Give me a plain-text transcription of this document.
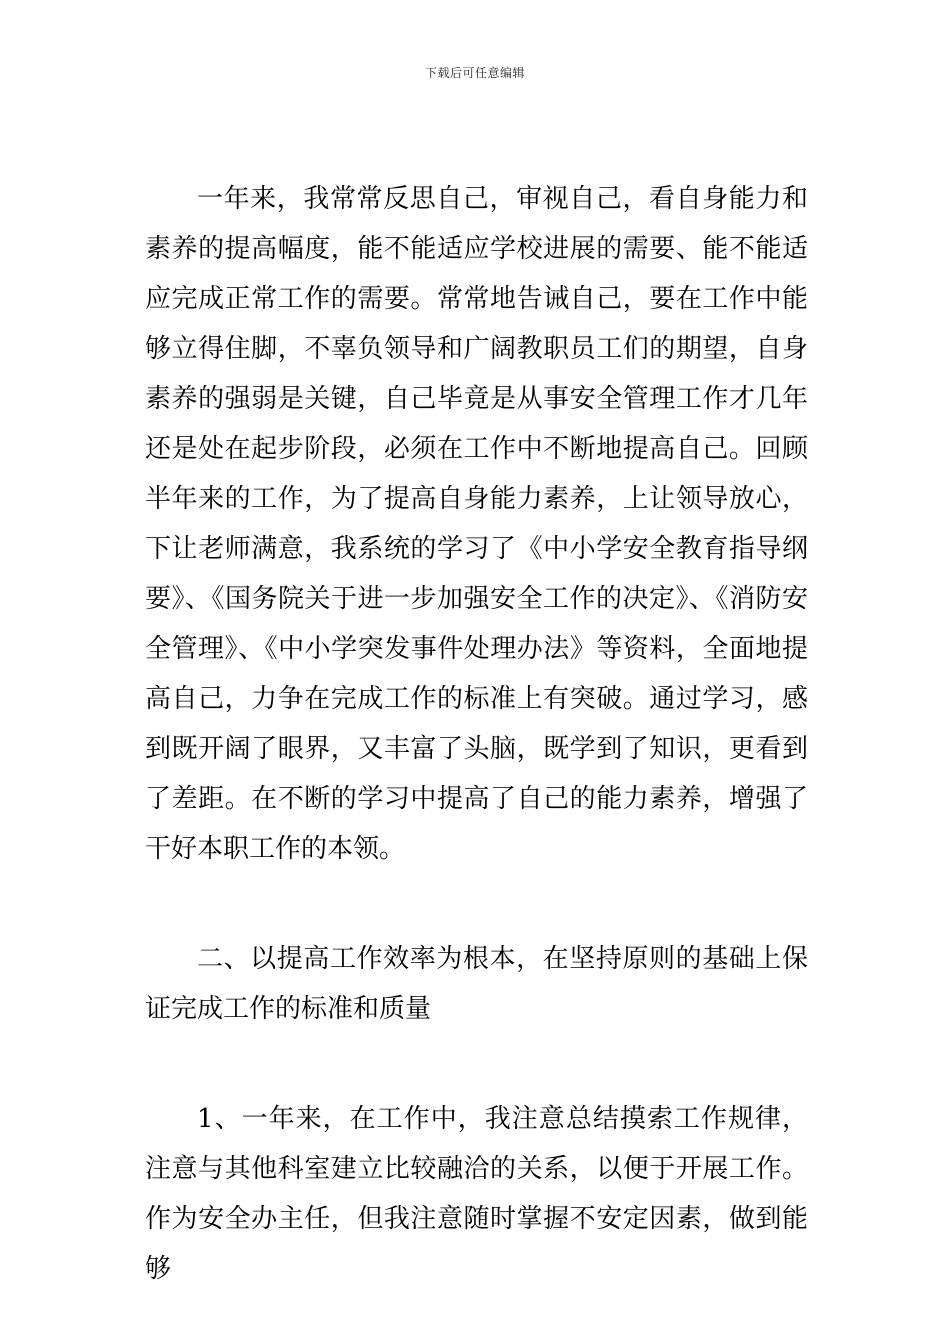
下载后可任意编辑

一年来，我常常反思自己，审视自己，看自身能力和素养的提高幅度，能不能适应学校进展的需要、能不能适应完成正常工作的需要。常常地告诫自己，要在工作中能够立得住脚，不辜负领导和广阔教职员工们的期望，自身素养的强弱是关键，自己毕竟是从事安全管理工作才几年还是处在起步阶段，必须在工作中不断地提高自己。回顾半年来的工作，为了提高自身能力素养，上让领导放心，下让老师满意，我系统的学习了《中小学安全教育指导纲要》、《国务院关于进一步加强安全工作的决定》、《消防安全管理》、《中小学突发事件处理办法》等资料，全面地提高自己，力争在完成工作的标准上有突破。通过学习，感到既开阔了眼界，又丰富了头脑，既学到了知识，更看到了差距。在不断的学习中提高了自己的能力素养，增强了干好本职工作的本领。

二、以提高工作效率为根本，在坚持原则的基础上保证完成工作的标准和质量

1、一年来，在工作中，我注意总结摸索工作规律，注意与其他科室建立比较融洽的关系，以便于开展工作。作为安全办主任，但我注意随时掌握不安定因素，做到能够
